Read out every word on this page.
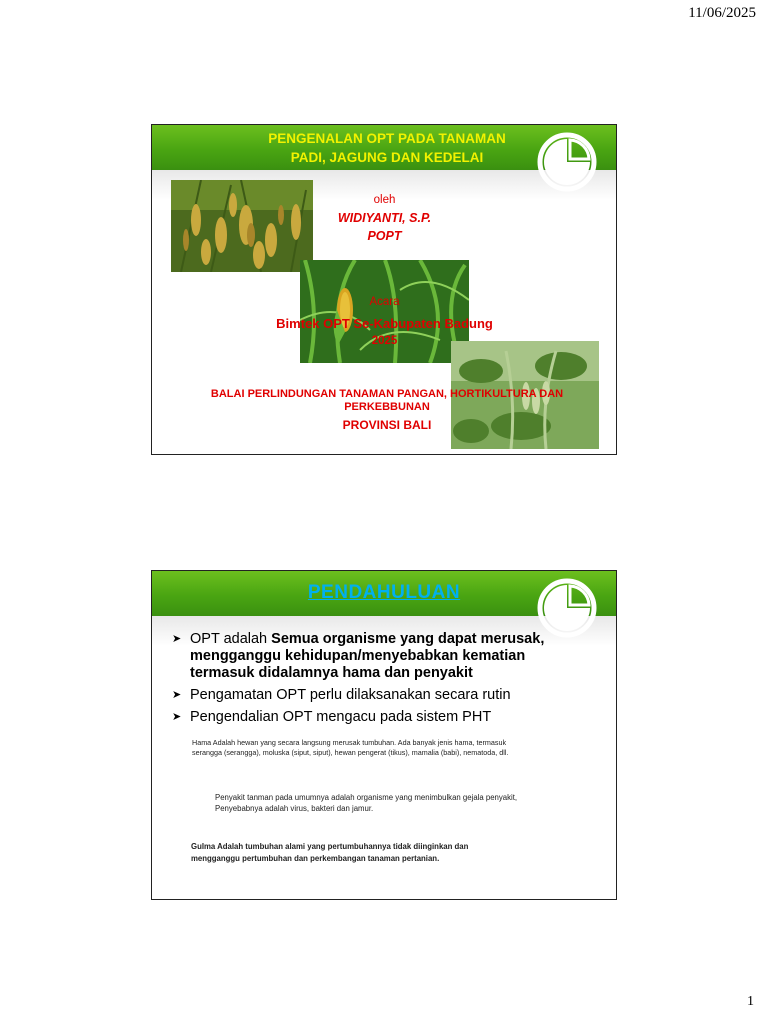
11/06/2025
PENGENALAN OPT PADA TANAMAN
PADI, JAGUNG DAN KEDELAI
oleh
WIDIYANTI, S.P.
POPT
Acara
Bimtek OPT Se-Kabupaten Badung
2025
BALAI PERLINDUNGAN TANAMAN PANGAN, HORTIKULTURA DAN
PERKEBBUNAN
PROVINSI BALI
PENDAHULUAN
➤ OPT adalah Semua organisme yang dapat merusak, mengganggu kehidupan/menyebabkan kematian termasuk didalamnya hama dan penyakit
➤ Pengamatan OPT perlu dilaksanakan secara rutin
➤ Pengendalian OPT mengacu pada sistem PHT
Hama Adalah hewan yang secara langsung merusak tumbuhan. Ada banyak jenis hama, termasuk
serangga (serangga), moluska (siput, siput), hewan pengerat (tikus), mamalia (babi), nematoda, dll.
Penyakit tanman pada umumnya adalah organisme yang menimbulkan gejala penyakit,
Penyebabnya adalah virus, bakteri dan jamur.
Gulma Adalah tumbuhan alami yang pertumbuhannya tidak diinginkan dan
mengganggu pertumbuhan dan perkembangan tanaman pertanian.
1
